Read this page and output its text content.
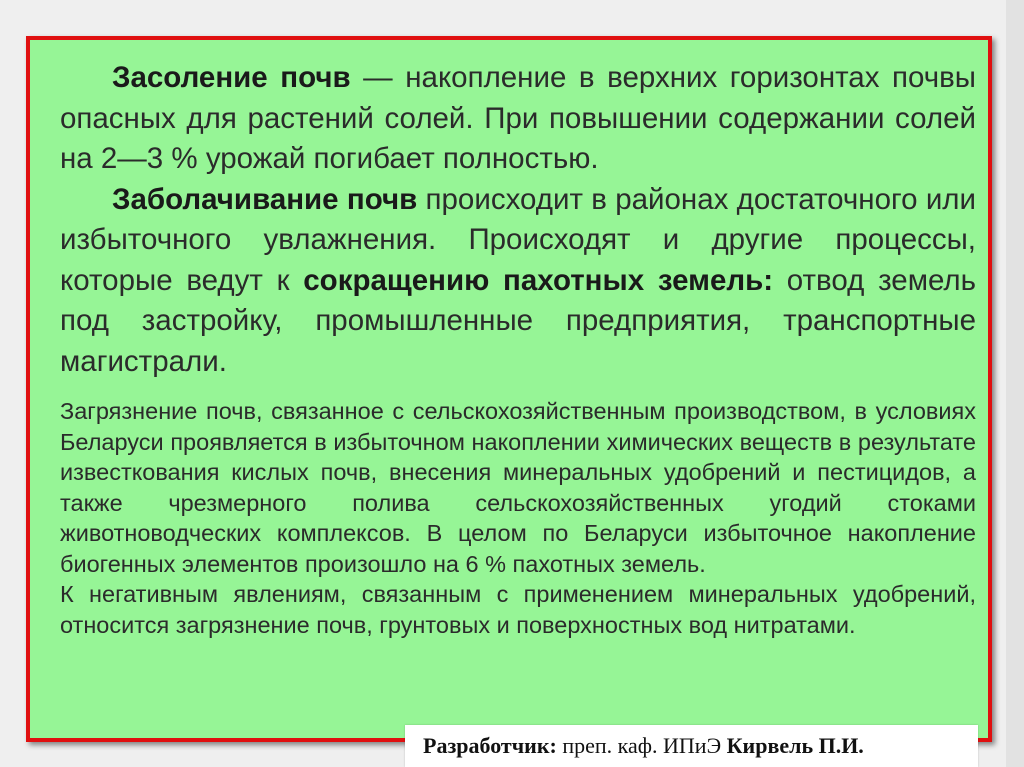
Засоление почв — накопление в верхних горизонтах почвы опасных для растений солей. При повышении содержании солей на 2—3 % урожай погибает полностью.

Заболачивание почв происходит в районах достаточного или избыточного увлажнения. Происходят и другие процессы, которые ведут к сокращению пахотных земель: отвод земель под застройку, промышленные предприятия, транспортные магистрали.

Загрязнение почв, связанное с сельскохозяйственным производством, в условиях Беларуси проявляется в избыточном накоплении химических веществ в результате известкования кислых почв, внесения минеральных удобрений и пестицидов, а также чрезмерного полива сельскохозяйственных угодий стоками животноводческих комплексов. В целом по Беларуси избыточное накопление биогенных элементов произошло на 6 % пахотных земель.

К негативным явлениям, связанным с применением минеральных удобрений, относится загрязнение почв, грунтовых и поверхностных вод нитратами.

Разработчик: преп. каф. ИПиЭ Кирвель П.И.
